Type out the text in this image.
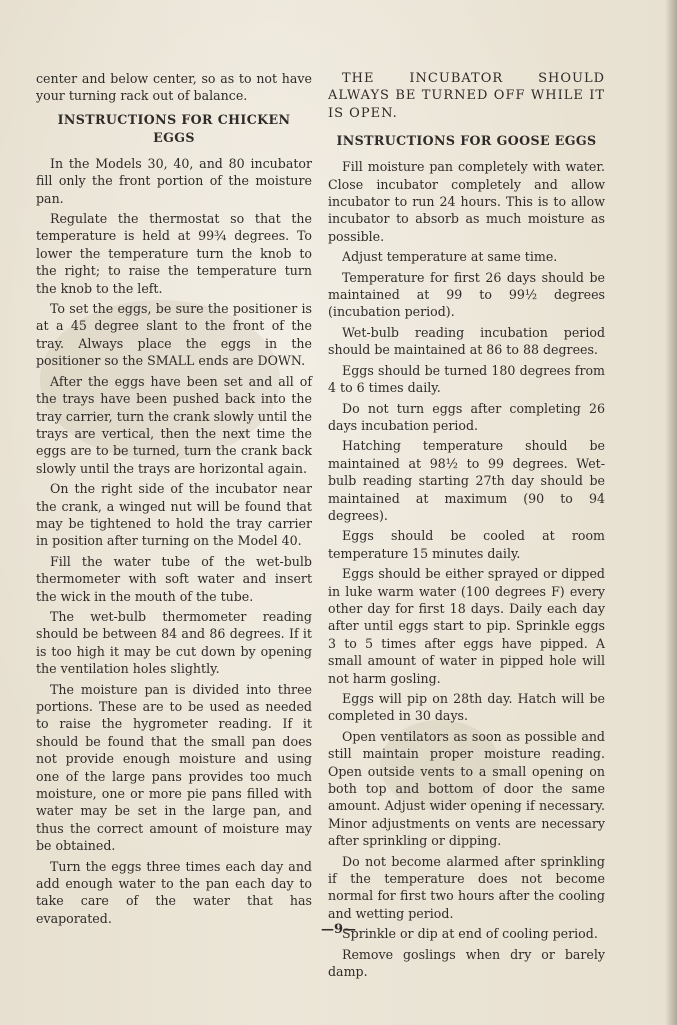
center and below center, so as to not have your turning rack out of balance.

INSTRUCTIONS FOR CHICKEN EGGS

In the Models 30, 40, and 80 incubator fill only the front portion of the moisture pan.

Regulate the thermostat so that the temperature is held at 99¾ degrees. To lower the temperature turn the knob to the right; to raise the temperature turn the knob to the left.

To set the eggs, be sure the positioner is at a 45 degree slant to the front of the tray. Always place the eggs in the positioner so the SMALL ends are DOWN.

After the eggs have been set and all of the trays have been pushed back into the tray carrier, turn the crank slowly until the trays are vertical, then the next time the eggs are to be turned, turn the crank back slowly until the trays are horizontal again.

On the right side of the incubator near the crank, a winged nut will be found that may be tightened to hold the tray carrier in position after turning on the Model 40.

Fill the water tube of the wet-bulb thermometer with soft water and insert the wick in the mouth of the tube.

The wet-bulb thermometer reading should be between 84 and 86 degrees. If it is too high it may be cut down by opening the ventilation holes slightly.

The moisture pan is divided into three portions. These are to be used as needed to raise the hygrometer reading. If it should be found that the small pan does not provide enough moisture and using one of the large pans provides too much moisture, one or more pie pans filled with water may be set in the large pan, and thus the correct amount of moisture may be obtained.

Turn the eggs three times each day and add enough water to the pan each day to take care of the water that has evaporated.

THE INCUBATOR SHOULD ALWAYS BE TURNED OFF WHILE IT IS OPEN.

INSTRUCTIONS FOR GOOSE EGGS

Fill moisture pan completely with water. Close incubator completely and allow incubator to run 24 hours. This is to allow incubator to absorb as much moisture as possible.

Adjust temperature at same time.

Temperature for first 26 days should be maintained at 99 to 99½ degrees (incubation period).

Wet-bulb reading incubation period should be maintained at 86 to 88 degrees.

Eggs should be turned 180 degrees from 4 to 6 times daily.

Do not turn eggs after completing 26 days incubation period.

Hatching temperature should be maintained at 98½ to 99 degrees. Wet-bulb reading starting 27th day should be maintained at maximum (90 to 94 degrees).

Eggs should be cooled at room temperature 15 minutes daily.

Eggs should be either sprayed or dipped in luke warm water (100 degrees F) every other day for first 18 days. Daily each day after until eggs start to pip. Sprinkle eggs 3 to 5 times after eggs have pipped. A small amount of water in pipped hole will not harm gosling.

Eggs will pip on 28th day. Hatch will be completed in 30 days.

Open ventilators as soon as possible and still maintain proper moisture reading. Open outside vents to a small opening on both top and bottom of door the same amount. Adjust wider opening if necessary. Minor adjustments on vents are necessary after sprinkling or dipping.

Do not become alarmed after sprinkling if the temperature does not become normal for first two hours after the cooling and wetting period.

Sprinkle or dip at end of cooling period.

Remove goslings when dry or barely damp.

—9—
